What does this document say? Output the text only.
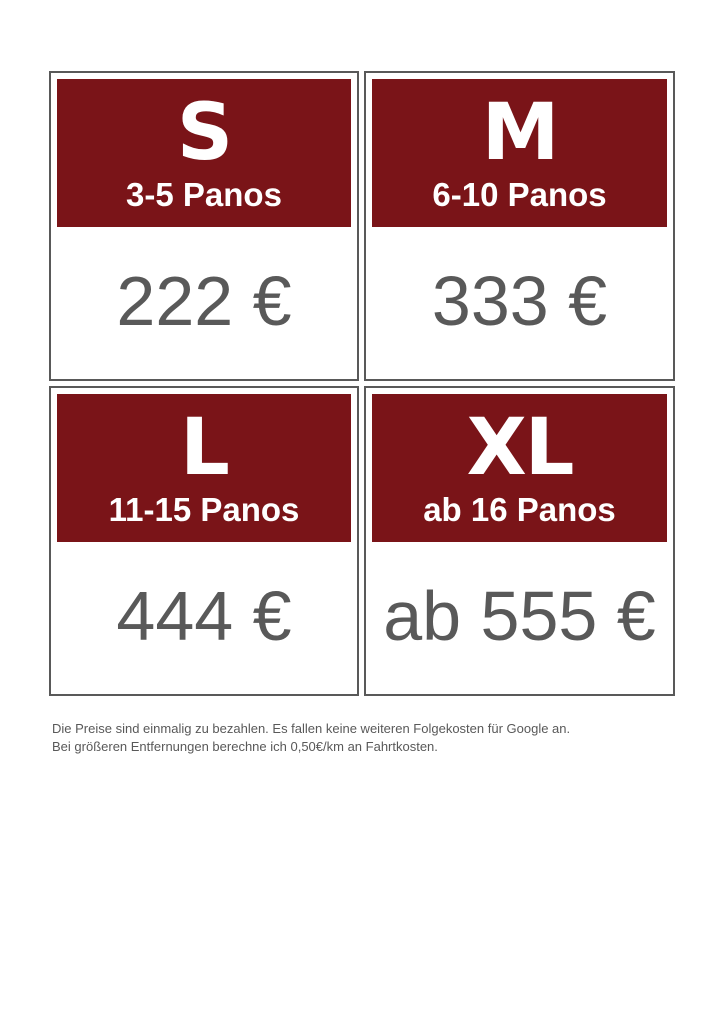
S
3-5 Panos
222 €
M
6-10 Panos
333 €
L
11-15 Panos
444 €
XL
ab 16 Panos
ab 555 €
Die Preise sind einmalig zu bezahlen. Es fallen keine weiteren Folgekosten für Google an.
Bei größeren Entfernungen berechne ich 0,50€/km an Fahrtkosten.
